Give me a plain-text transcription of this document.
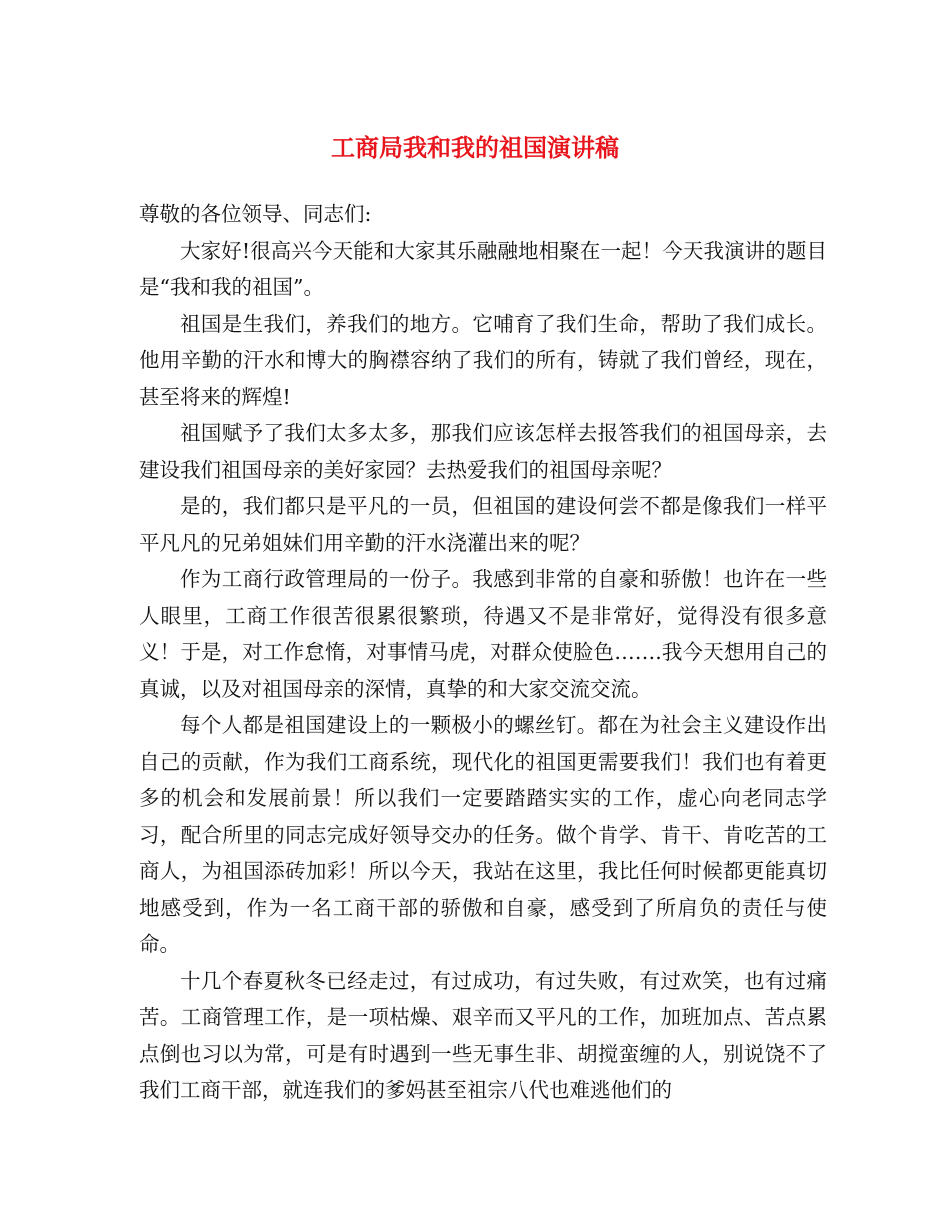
工商局我和我的祖国演讲稿

尊敬的各位领导、同志们:

大家好!很高兴今天能和大家其乐融融地相聚在一起！今天我演讲的题目是“我和我的祖国”。

祖国是生我们，养我们的地方。它哺育了我们生命，帮助了我们成长。他用辛勤的汗水和博大的胸襟容纳了我们的所有，铸就了我们曾经，现在，甚至将来的辉煌!

祖国赋予了我们太多太多，那我们应该怎样去报答我们的祖国母亲，去建设我们祖国母亲的美好家园？去热爱我们的祖国母亲呢？

是的，我们都只是平凡的一员，但祖国的建设何尝不都是像我们一样平平凡凡的兄弟姐妹们用辛勤的汗水浇灌出来的呢？

作为工商行政管理局的一份子。我感到非常的自豪和骄傲！也许在一些人眼里，工商工作很苦很累很繁琐，待遇又不是非常好，觉得没有很多意义！于是，对工作怠惰，对事情马虎，对群众使脸色…….我今天想用自己的真诚，以及对祖国母亲的深情，真挚的和大家交流交流。

每个人都是祖国建设上的一颗极小的螺丝钉。都在为社会主义建设作出自己的贡献，作为我们工商系统，现代化的祖国更需要我们！我们也有着更多的机会和发展前景！所以我们一定要踏踏实实的工作，虚心向老同志学习，配合所里的同志完成好领导交办的任务。做个肯学、肯干、肯吃苦的工商人，为祖国添砖加彩！所以今天，我站在这里，我比任何时候都更能真切地感受到，作为一名工商干部的骄傲和自豪，感受到了所肩负的责任与使命。

十几个春夏秋冬已经走过，有过成功，有过失败，有过欢笑，也有过痛苦。工商管理工作，是一项枯燥、艰辛而又平凡的工作，加班加点、苦点累点倒也习以为常，可是有时遇到一些无事生非、胡搅蛮缠的人，别说饶不了我们工商干部，就连我们的爹妈甚至祖宗八代也难逃他们的
